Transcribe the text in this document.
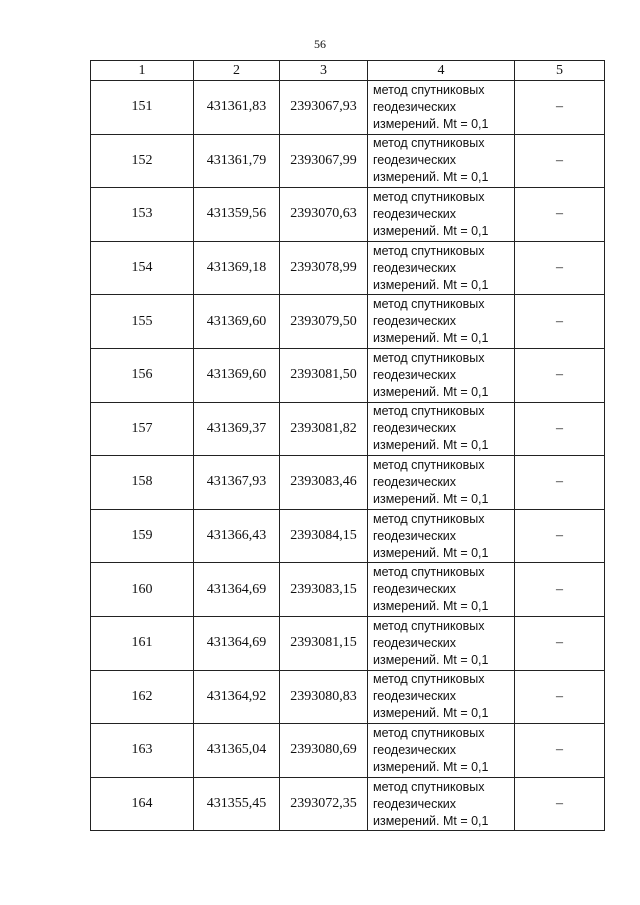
56
1	2	3	4	5
151	431361,83	2393067,93	метод спутниковых
геодезических
измерений. Mt = 0,1	–
152	431361,79	2393067,99	метод спутниковых
геодезических
измерений. Mt = 0,1	–
153	431359,56	2393070,63	метод спутниковых
геодезических
измерений. Mt = 0,1	–
154	431369,18	2393078,99	метод спутниковых
геодезических
измерений. Mt = 0,1	–
155	431369,60	2393079,50	метод спутниковых
геодезических
измерений. Mt = 0,1	–
156	431369,60	2393081,50	метод спутниковых
геодезических
измерений. Mt = 0,1	–
157	431369,37	2393081,82	метод спутниковых
геодезических
измерений. Mt = 0,1	–
158	431367,93	2393083,46	метод спутниковых
геодезических
измерений. Mt = 0,1	–
159	431366,43	2393084,15	метод спутниковых
геодезических
измерений. Mt = 0,1	–
160	431364,69	2393083,15	метод спутниковых
геодезических
измерений. Mt = 0,1	–
161	431364,69	2393081,15	метод спутниковых
геодезических
измерений. Mt = 0,1	–
162	431364,92	2393080,83	метод спутниковых
геодезических
измерений. Mt = 0,1	–
163	431365,04	2393080,69	метод спутниковых
геодезических
измерений. Mt = 0,1	–
164	431355,45	2393072,35	метод спутниковых
геодезических
измерений. Mt = 0,1	–
